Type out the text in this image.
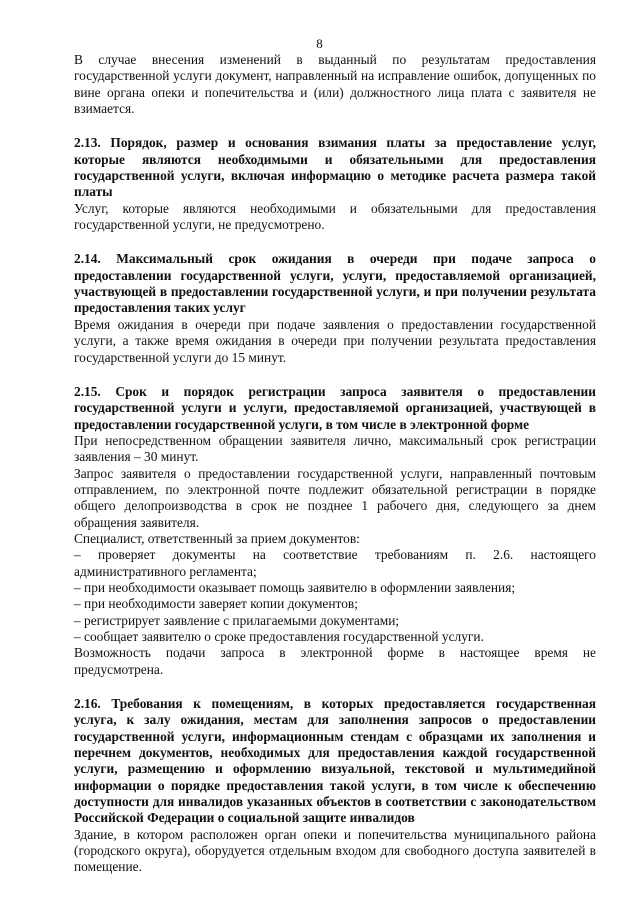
8

В случае внесения изменений в выданный по результатам предоставления
государственной услуги документ, направленный на исправление ошибок, допущенных по
вине органа опеки и попечительства и (или) должностного лица плата с заявителя не
взимается.

2.13. Порядок, размер и основания взимания платы за предоставление услуг,
которые являются необходимыми и обязательными для предоставления
государственной услуги, включая информацию о методике расчета размера такой
платы

Услуг, которые являются необходимыми и обязательными для предоставления
государственной услуги, не предусмотрено.

2.14. Максимальный срок ожидания в очереди при подаче запроса о
предоставлении государственной услуги, услуги, предоставляемой организацией,
участвующей в предоставлении государственной услуги, и при получении результата
предоставления таких услуг

Время ожидания в очереди при подаче заявления о предоставлении государственной
услуги, а также время ожидания в очереди при получении результата предоставления
государственной услуги до 15 минут.

2.15. Срок и порядок регистрации запроса заявителя о предоставлении
государственной услуги и услуги, предоставляемой организацией, участвующей в
предоставлении государственной услуги, в том числе в электронной форме

При непосредственном обращении заявителя лично, максимальный срок регистрации
заявления – 30 минут.

Запрос заявителя о предоставлении государственной услуги, направленный почтовым
отправлением, по электронной почте подлежит обязательной регистрации в порядке
общего делопроизводства в срок не позднее 1 рабочего дня, следующего за днем
обращения заявителя.

Специалист, ответственный за прием документов:

– проверяет документы на соответствие требованиям п. 2.6. настоящего
административного регламента;

– при необходимости оказывает помощь заявителю в оформлении заявления;

– при необходимости заверяет копии документов;

– регистрирует заявление с прилагаемыми документами;

– сообщает заявителю о сроке предоставления государственной услуги.

Возможность подачи запроса в электронной форме в настоящее время не
предусмотрена.

2.16. Требования к помещениям, в которых предоставляется государственная
услуга, к залу ожидания, местам для заполнения запросов о предоставлении
государственной услуги, информационным стендам с образцами их заполнения и
перечнем документов, необходимых для предоставления каждой государственной
услуги, размещению и оформлению визуальной, текстовой и мультимедийной
информации о порядке предоставления такой услуги, в том числе к обеспечению
доступности для инвалидов указанных объектов в соответствии с законодательством
Российской Федерации о социальной защите инвалидов

Здание, в котором расположен орган опеки и попечительства муниципального района
(городского округа), оборудуется отдельным входом для свободного доступа заявителей в
помещение.
